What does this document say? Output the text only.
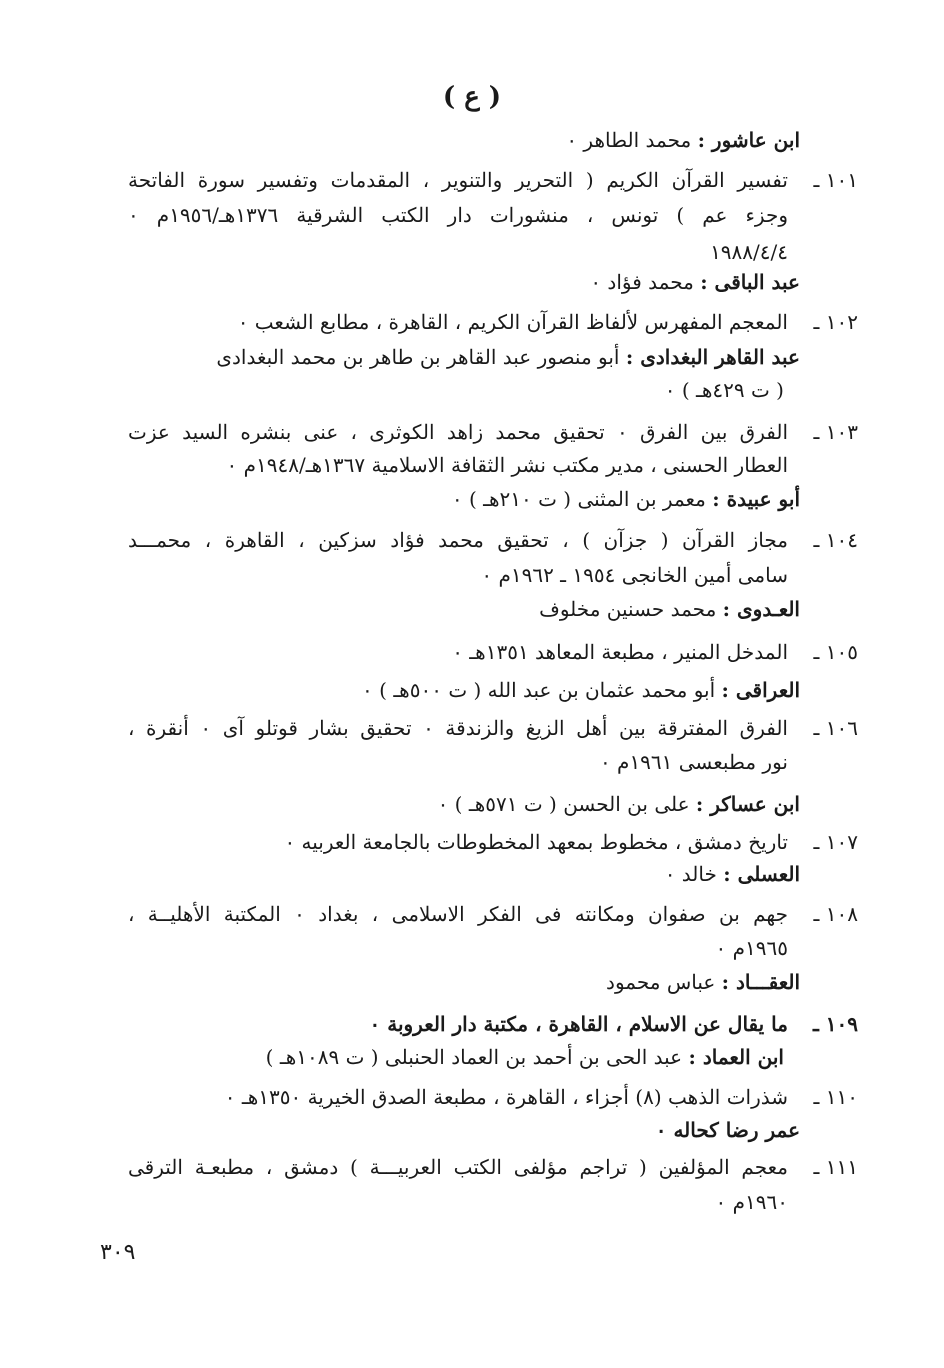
( ع )
ابن عاشور : محمد الطاهر ٠
١٠١ ـ
تفسير القرآن الكريم ( التحرير والتنوير ، المقدمات وتفسير سورة الفاتحة
وجزء عم ) تونس ، منشورات دار الكتب الشرقية ١٣٧٦هـ/١٩٥٦م ٠
١٩٨٨/٤/٤
عبد الباقى : محمد فؤاد ٠
١٠٢ ـ
المعجم المفهرس لألفاظ القرآن الكريم ، القاهرة ، مطابع الشعب ٠
عبد القاهر البغدادى : أبو منصور عبد القاهر بن طاهر بن محمد البغدادى
( ت ٤٢٩هـ ) ٠
١٠٣ ـ
الفرق بين الفرق ٠ تحقيق محمد زاهد الكوثرى ، عنى بنشره السيد عزت
العطار الحسنى ، مدير مكتب نشر الثقافة الاسلامية ١٣٦٧هـ/١٩٤٨م ٠
أبو عبيدة : معمر بن المثنى ( ت ٢١٠هـ ) ٠
١٠٤ ـ
مجاز القرآن ( جزآن ) ، تحقيق محمد فؤاد سزكين ، القاهرة ، محمـــد
سامى أمين الخانجى ١٩٥٤ ـ ١٩٦٢م ٠
العـدوى : محمد حسنين مخلوف
١٠٥ ـ
المدخل المنير ، مطبعة المعاهد ١٣٥١هـ ٠
العراقى : أبو محمد عثمان بن عبد الله ( ت ٥٠٠هـ ) ٠
١٠٦ ـ
الفرق المفترقة بين أهل الزيغ والزندقة ٠ تحقيق بشار قوتلو آى ٠ أنقرة ،
نور مطبعسى ١٩٦١م ٠
ابن عساكر : على بن الحسن ( ت ٥٧١هـ ) ٠
١٠٧ ـ
تاريخ دمشق ، مخطوط بمعهد المخطوطات بالجامعة العربيه ٠
العسلى : خالد ٠
١٠٨ ـ
جهم بن صفوان ومكانته فى الفكر الاسلامى ، بغداد ٠ المكتبة الأهليــة ،
١٩٦٥م ٠
العقـــاد : عباس محمود
١٠٩ ـ
ما يقال عن الاسلام ، القاهرة ، مكتبة دار العروبة ٠
ابن العماد : عبد الحى بن أحمد بن العماد الحنبلى ( ت ١٠٨٩هـ )
١١٠ ـ
شذرات الذهب (٨) أجزاء ، القاهرة ، مطبعة الصدق الخيرية ١٣٥٠هـ ٠
عمر رضا كحاله ٠
١١١ ـ
معجم المؤلفين ( تراجم مؤلفى الكتب العربيـــة ) دمشق ، مطبعـة الترقى
١٩٦٠م ٠
٣٠٩
